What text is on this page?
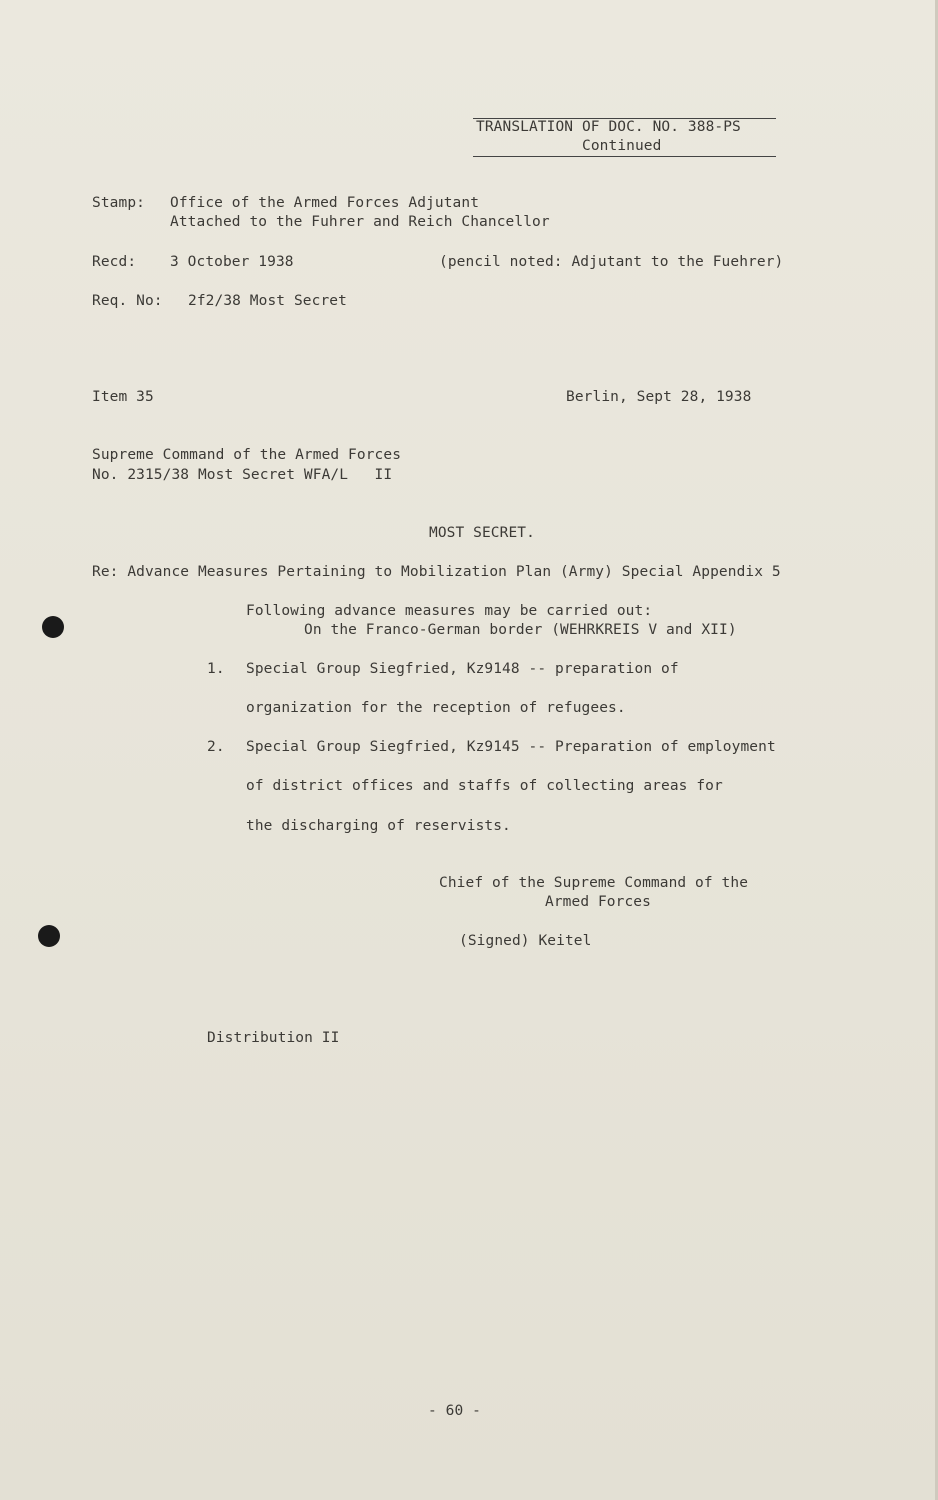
TRANSLATION OF DOC. NO. 388-PS
Continued
Stamp: Office of the Armed Forces Adjutant
Attached to the Fuhrer and Reich Chancellor
Recd: 3 October 1938	(pencil noted: Adjutant to the Fuehrer)
Req. No: 2f2/38 Most Secret
Item 35	Berlin, Sept 28, 1938
Supreme Command of the Armed Forces
No. 2315/38 Most Secret WFA/L   II
MOST SECRET.
Re: Advance Measures Pertaining to Mobilization Plan (Army) Special Appendix 5
Following advance measures may be carried out:
On the Franco-German border (WEHRKREIS V and XII)
1. Special Group Siegfried, Kz9148 -- preparation of
organization for the reception of refugees.
2. Special Group Siegfried, Kz9145 -- Preparation of employment
of district offices and staffs of collecting areas for
the discharging of reservists.
Chief of the Supreme Command of the
Armed Forces
(Signed) Keitel
Distribution II
- 60 -
